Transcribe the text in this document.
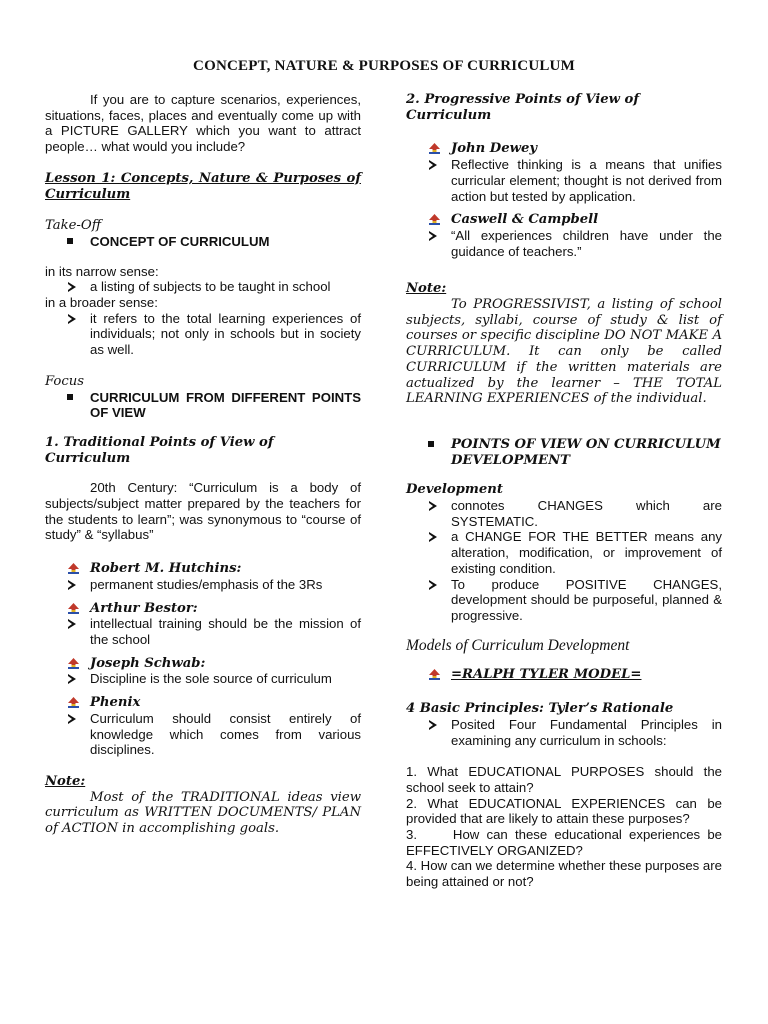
CONCEPT, NATURE & PURPOSES OF CURRICULUM

If you are to capture scenarios, experiences, situations, faces, places and eventually come up with a PICTURE GALLERY which you want to attract people… what would you include?

Lesson 1: Concepts, Nature & Purposes of Curriculum

Take-Off

CONCEPT OF CURRICULUM

in its narrow sense:

a listing of subjects to be taught in school

in a broader sense:

it refers to the total learning experiences of individuals; not only in schools but in society as well.

Focus

CURRICULUM FROM DIFFERENT POINTS OF VIEW

1. Traditional Points of View of Curriculum

20th Century: “Curriculum is a body of subjects/subject matter prepared by the teachers for the students to learn”; was synonymous to “course of study” & “syllabus”

Robert M. Hutchins:
permanent studies/emphasis of the 3Rs
Arthur Bestor:
intellectual training should be the mission of the school
Joseph Schwab:
Discipline is the sole source of curriculum
Phenix
Curriculum should consist entirely of knowledge which comes from various disciplines.

Note:

Most of the TRADITIONAL ideas view curriculum as WRITTEN DOCUMENTS/ PLAN of ACTION in accomplishing goals.

2. Progressive Points of View of Curriculum

John Dewey
Reflective thinking is a means that unifies curricular element; thought is not derived from action but tested by application.
Caswell & Campbell
“All experiences children have under the guidance of teachers.”

Note:

To PROGRESSIVIST, a listing of school subjects, syllabi, course of study & list of courses or specific discipline DO NOT MAKE A CURRICULUM. It can only be called CURRICULUM if the written materials are actualized by the learner – THE TOTAL LEARNING EXPERIENCES of the individual.

POINTS OF VIEW ON CURRICULUM DEVELOPMENT

Development

connotes CHANGES which are SYSTEMATIC.
a CHANGE FOR THE BETTER means any alteration, modification, or improvement of existing condition.
To produce POSITIVE CHANGES, development should be purposeful, planned & progressive.

Models of Curriculum Development

=RALPH TYLER MODEL=

4 Basic Principles: Tyler’s Rationale

Posited Four Fundamental Principles in examining any curriculum in schools:

1. What EDUCATIONAL PURPOSES should the school seek to attain?

2. What EDUCATIONAL EXPERIENCES can be provided that are likely to attain these purposes?

3.     How can these educational experiences be EFFECTIVELY ORGANIZED?

4. How can we determine whether these purposes are being attained or not?
